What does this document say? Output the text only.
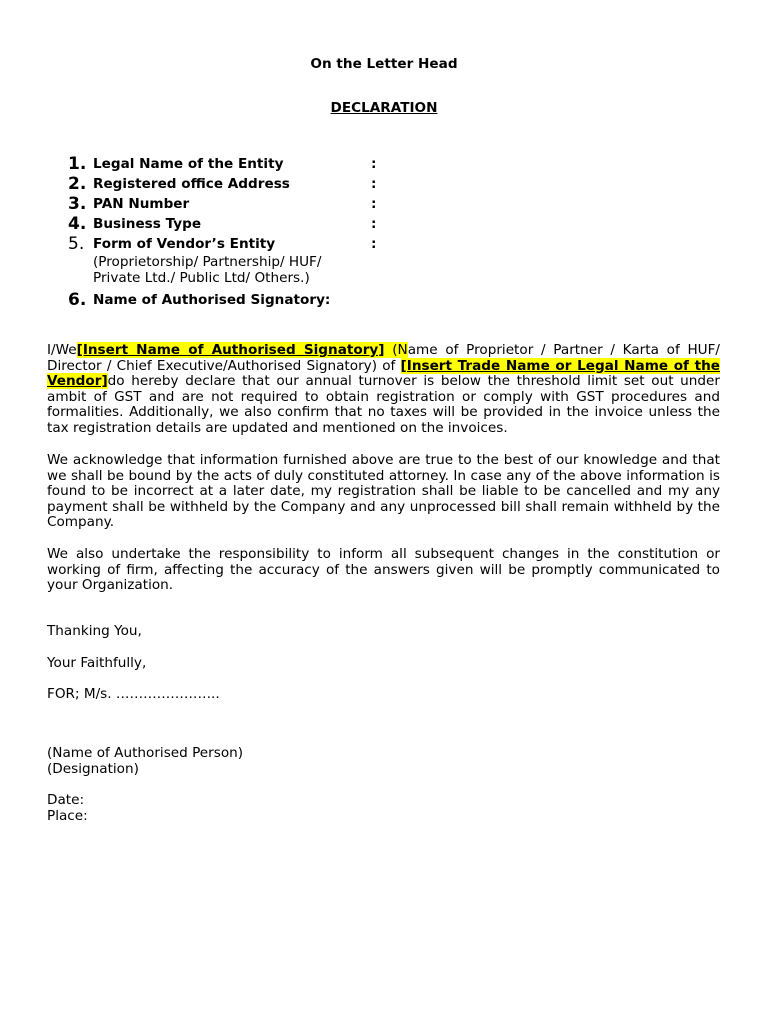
On the Letter Head
DECLARATION
1. Legal Name of the Entity	:
2. Registered office Address	:
3. PAN Number	:
4. Business Type	:
5. Form of Vendor’s Entity	:
(Proprietorship/ Partnership/ HUF/
Private Ltd./ Public Ltd/ Others.)
6. Name of Authorised Signatory:
I/We[Insert Name of Authorised Signatory] (Name of Proprietor / Partner / Karta of HUF/ Director / Chief Executive/Authorised Signatory) of [Insert Trade Name or Legal Name of the Vendor]do hereby declare that our annual turnover is below the threshold limit set out under ambit of GST and are not required to obtain registration or comply with GST procedures and formalities. Additionally, we also confirm that no taxes will be provided in the invoice unless the tax registration details are updated and mentioned on the invoices.
We acknowledge that information furnished above are true to the best of our knowledge and that we shall be bound by the acts of duly constituted attorney. In case any of the above information is found to be incorrect at a later date, my registration shall be liable to be cancelled and my any payment shall be withheld by the Company and any unprocessed bill shall remain withheld by the Company.
We also undertake the responsibility to inform all subsequent changes in the constitution or working of firm, affecting the accuracy of the answers given will be promptly communicated to your Organization.
Thanking You,
Your Faithfully,
FOR; M/s. …………………..
(Name of Authorised Person)
(Designation)
Date:
Place:
